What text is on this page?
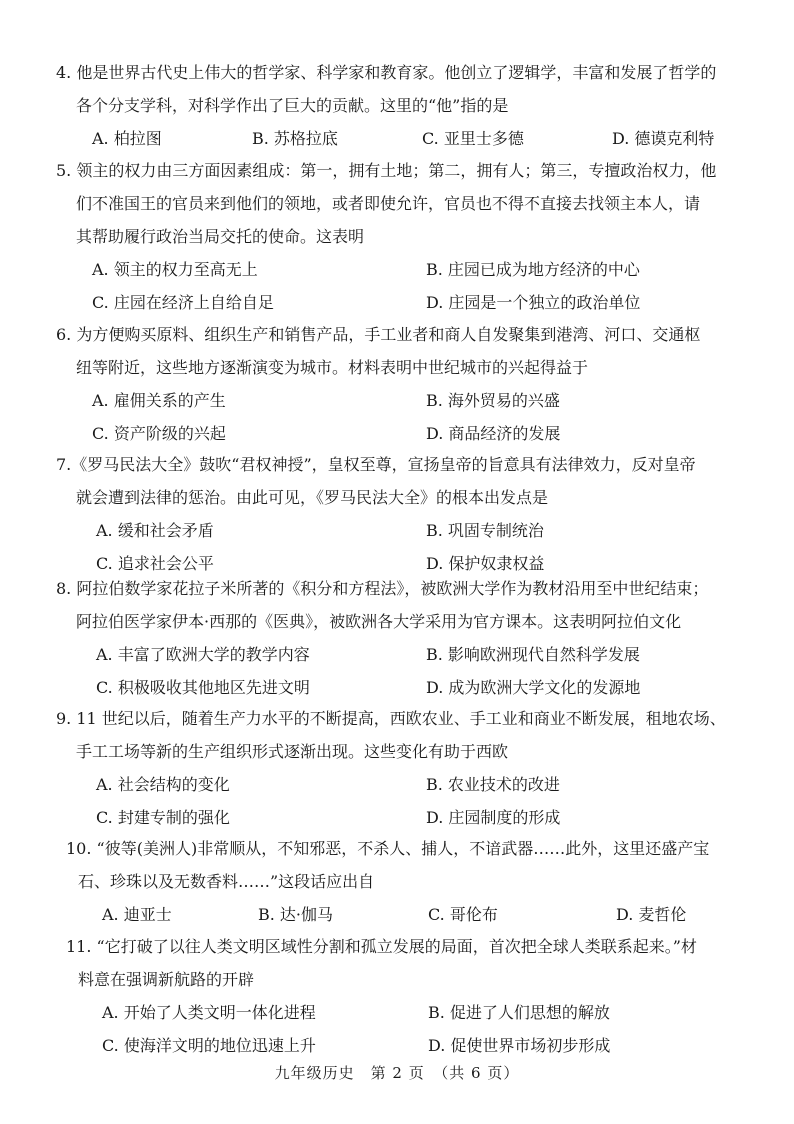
4. 他是世界古代史上伟大的哲学家、科学家和教育家。他创立了逻辑学，丰富和发展了哲学的
各个分支学科，对科学作出了巨大的贡献。这里的“他”指的是
A. 柏拉图	B. 苏格拉底	C. 亚里士多德	D. 德谟克利特
5. 领主的权力由三方面因素组成：第一，拥有土地；第二，拥有人；第三，专擅政治权力，他
们不准国王的官员来到他们的领地，或者即使允许，官员也不得不直接去找领主本人，请
其帮助履行政治当局交托的使命。这表明
A. 领主的权力至高无上	B. 庄园已成为地方经济的中心
C. 庄园在经济上自给自足	D. 庄园是一个独立的政治单位
6. 为方便购买原料、组织生产和销售产品，手工业者和商人自发聚集到港湾、河口、交通枢
纽等附近，这些地方逐渐演变为城市。材料表明中世纪城市的兴起得益于
A. 雇佣关系的产生	B. 海外贸易的兴盛
C. 资产阶级的兴起	D. 商品经济的发展
7.《罗马民法大全》鼓吹“君权神授”，皇权至尊，宣扬皇帝的旨意具有法律效力，反对皇帝
就会遭到法律的惩治。由此可见，《罗马民法大全》的根本出发点是
A. 缓和社会矛盾	B. 巩固专制统治
C. 追求社会公平	D. 保护奴隶权益
8. 阿拉伯数学家花拉子米所著的《积分和方程法》，被欧洲大学作为教材沿用至中世纪结束；
阿拉伯医学家伊本·西那的《医典》，被欧洲各大学采用为官方课本。这表明阿拉伯文化
A. 丰富了欧洲大学的教学内容	B. 影响欧洲现代自然科学发展
C. 积极吸收其他地区先进文明	D. 成为欧洲大学文化的发源地
9. 11 世纪以后，随着生产力水平的不断提高，西欧农业、手工业和商业不断发展，租地农场、
手工工场等新的生产组织形式逐渐出现。这些变化有助于西欧
A. 社会结构的变化	B. 农业技术的改进
C. 封建专制的强化	D. 庄园制度的形成
10. “彼等(美洲人)非常顺从，不知邪恶，不杀人、捕人，不谙武器……此外，这里还盛产宝
石、珍珠以及无数香料……”这段话应出自
A. 迪亚士	B. 达·伽马	C. 哥伦布	D. 麦哲伦
11. “它打破了以往人类文明区域性分割和孤立发展的局面，首次把全球人类联系起来。”材
料意在强调新航路的开辟
A. 开始了人类文明一体化进程	B. 促进了人们思想的解放
C. 使海洋文明的地位迅速上升	D. 促使世界市场初步形成
九年级历史　第 2 页　（共 6 页）
